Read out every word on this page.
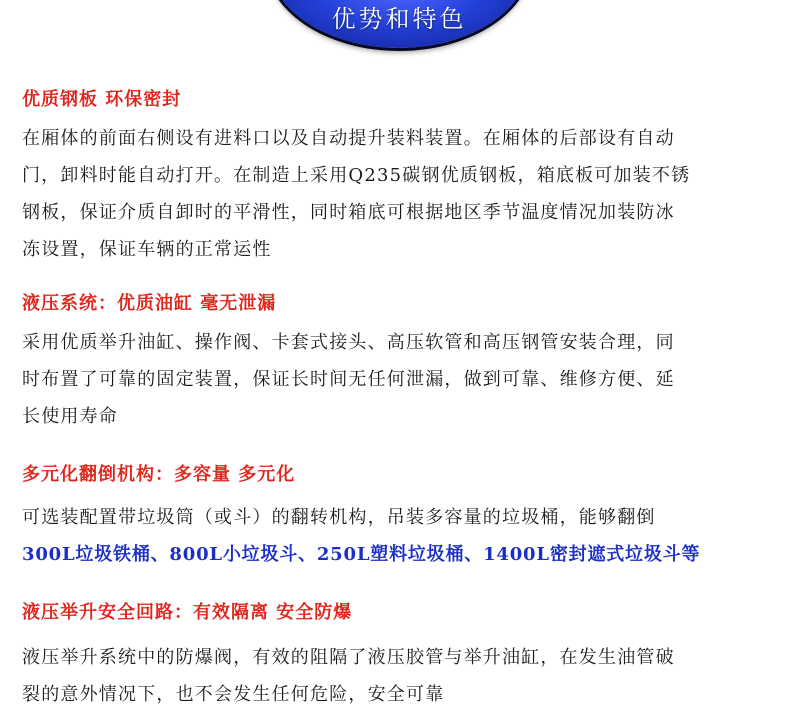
优势和特色
优质钢板 环保密封
在厢体的前面右侧设有进料口以及自动提升装料装置。在厢体的后部设有自动
门，卸料时能自动打开。在制造上采用Q235碳钢优质钢板，箱底板可加装不锈
钢板，保证介质自卸时的平滑性，同时箱底可根据地区季节温度情况加装防冰
冻设置，保证车辆的正常运性
液压系统：优质油缸 毫无泄漏
采用优质举升油缸、操作阀、卡套式接头、高压软管和高压钢管安装合理，同
时布置了可靠的固定装置，保证长时间无任何泄漏，做到可靠、维修方便、延
长使用寿命
多元化翻倒机构：多容量 多元化
可选装配置带垃圾筒（或斗）的翻转机构，吊装多容量的垃圾桶，能够翻倒
300L垃圾铁桶、800L小垃圾斗、250L塑料垃圾桶、1400L密封遮式垃圾斗等
液压举升安全回路：有效隔离 安全防爆
液压举升系统中的防爆阀，有效的阻隔了液压胶管与举升油缸，在发生油管破
裂的意外情况下，也不会发生任何危险，安全可靠
